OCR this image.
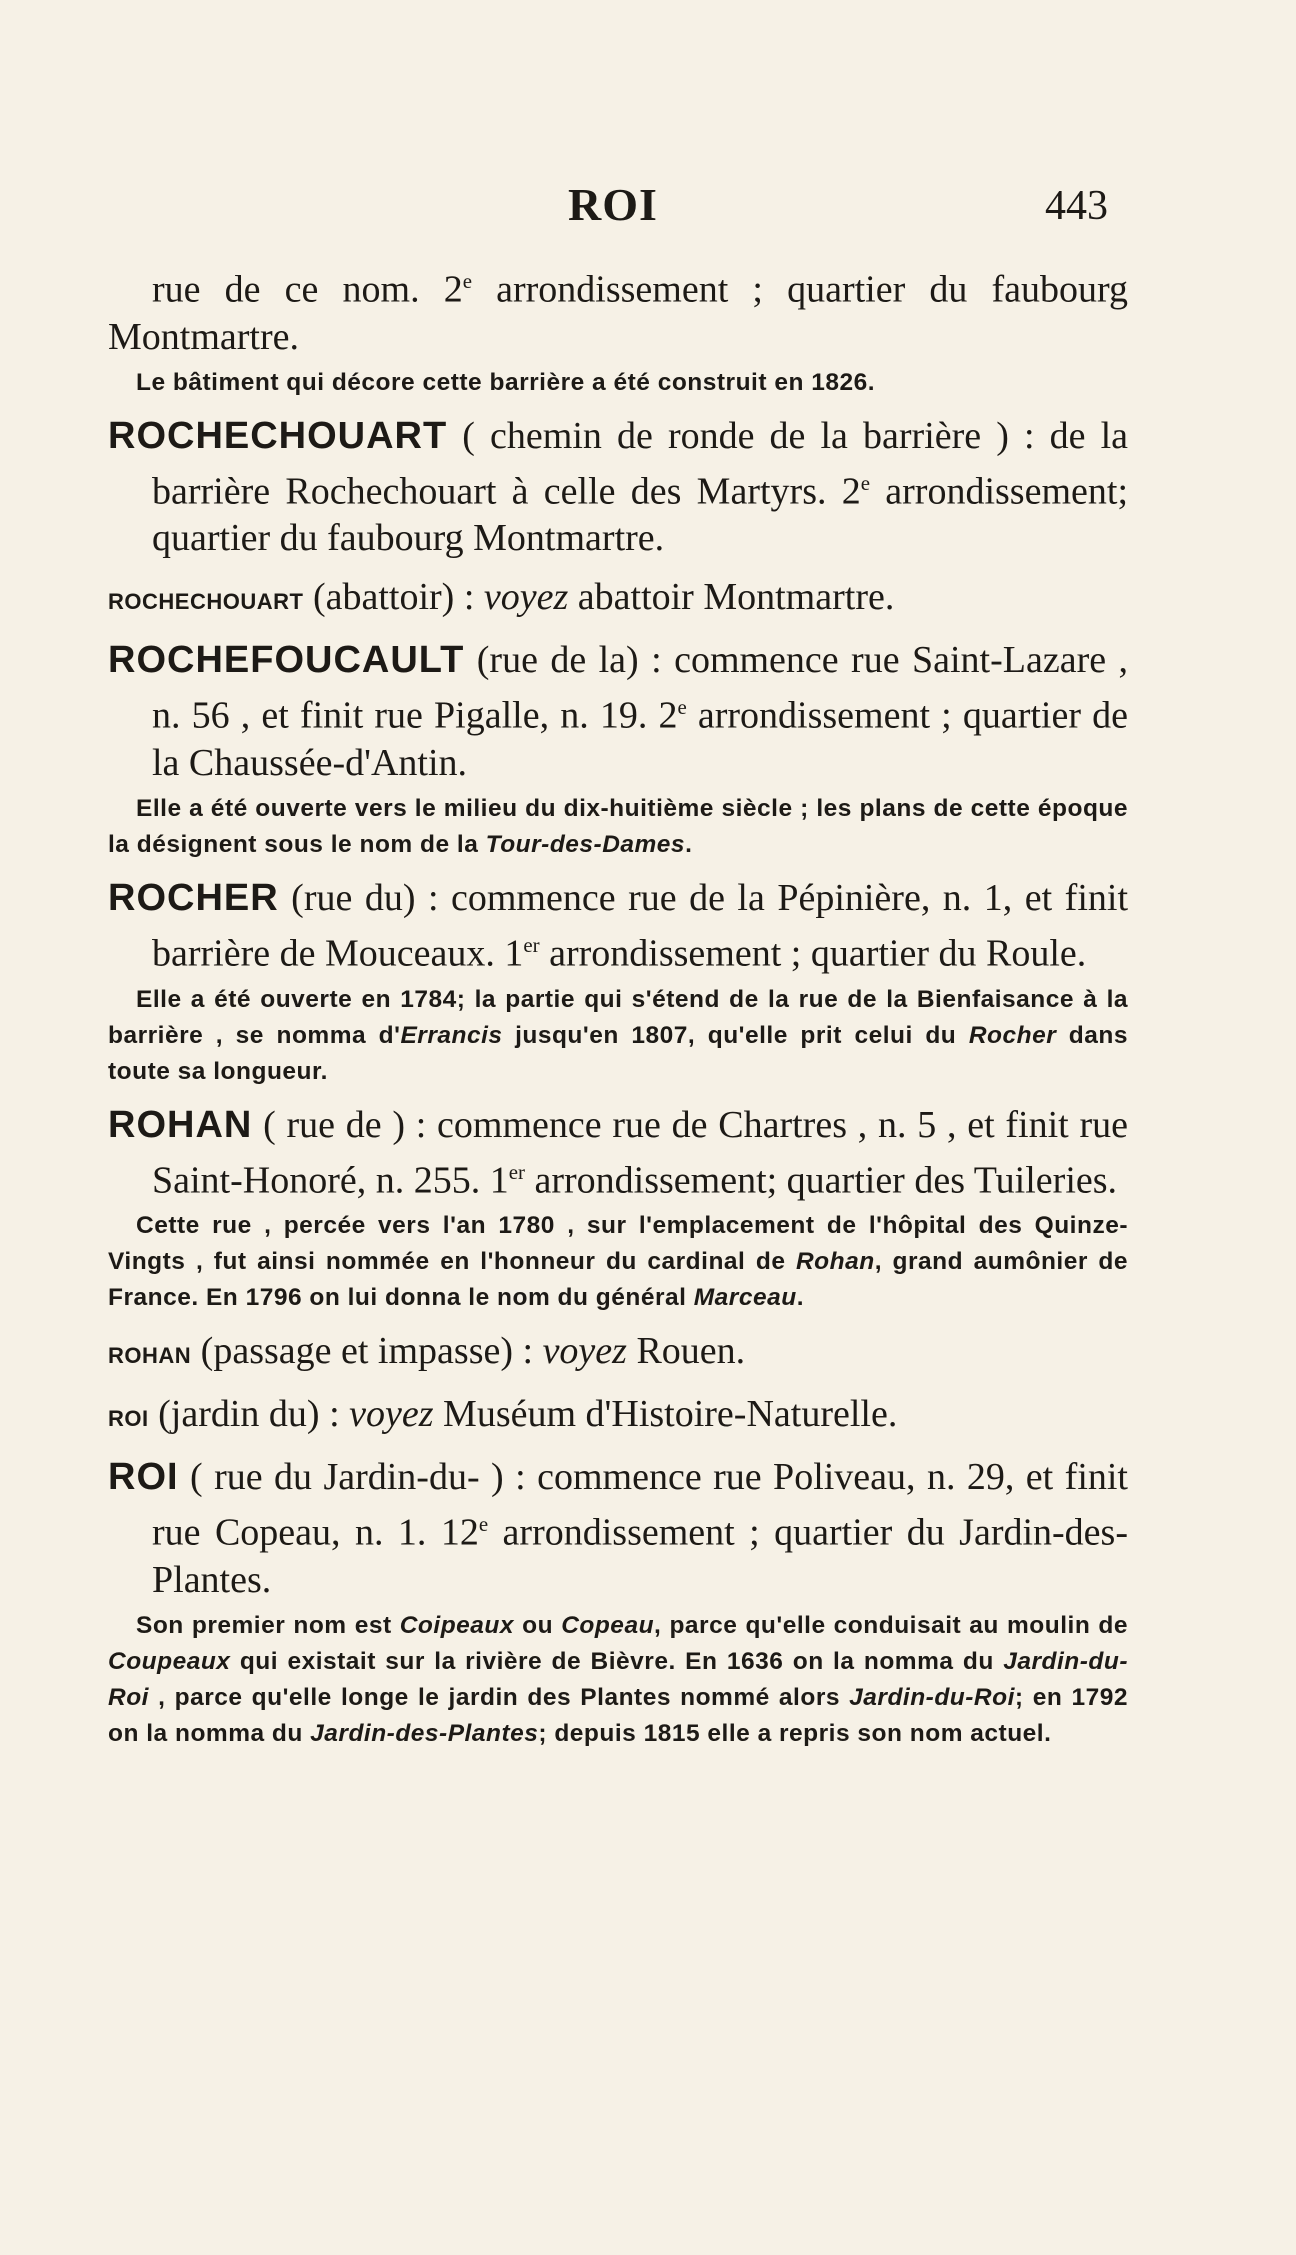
ROI	443

rue de ce nom. 2e arrondissement ; quartier du faubourg Montmartre.

Le bâtiment qui décore cette barrière a été construit en 1826.

ROCHECHOUART ( chemin de ronde de la barrière ) : de la barrière Rochechouart à celle des Martyrs. 2e arrondissement; quartier du faubourg Montmartre.

ROCHECHOUART (abattoir) : voyez abattoir Montmartre.

ROCHEFOUCAULT (rue de la) : commence rue Saint-Lazare , n. 56 , et finit rue Pigalle, n. 19. 2e arrondissement ; quartier de la Chaussée-d'Antin.

Elle a été ouverte vers le milieu du dix-huitième siècle ; les plans de cette époque la désignent sous le nom de la Tour-des-Dames.

ROCHER (rue du) : commence rue de la Pépinière, n. 1, et finit barrière de Mouceaux. 1er arrondissement ; quartier du Roule.

Elle a été ouverte en 1784; la partie qui s'étend de la rue de la Bienfaisance à la barrière , se nomma d'Errancis jusqu'en 1807, qu'elle prit celui du Rocher dans toute sa longueur.

ROHAN ( rue de ) : commence rue de Chartres , n. 5 , et finit rue Saint-Honoré, n. 255. 1er arrondissement; quartier des Tuileries.

Cette rue , percée vers l'an 1780 , sur l'emplacement de l'hôpital des Quinze-Vingts , fut ainsi nommée en l'honneur du cardinal de Rohan, grand aumônier de France. En 1796 on lui donna le nom du général Marceau.

ROHAN (passage et impasse) : voyez Rouen.

ROI (jardin du) : voyez Muséum d'Histoire-Naturelle.

ROI ( rue du Jardin-du- ) : commence rue Poliveau, n. 29, et finit rue Copeau, n. 1. 12e arrondissement ; quartier du Jardin-des-Plantes.

Son premier nom est Coipeaux ou Copeau, parce qu'elle conduisait au moulin de Coupeaux qui existait sur la rivière de Bièvre. En 1636 on la nomma du Jardin-du-Roi , parce qu'elle longe le jardin des Plantes nommé alors Jardin-du-Roi; en 1792 on la nomma du Jardin-des-Plantes; depuis 1815 elle a repris son nom actuel.
